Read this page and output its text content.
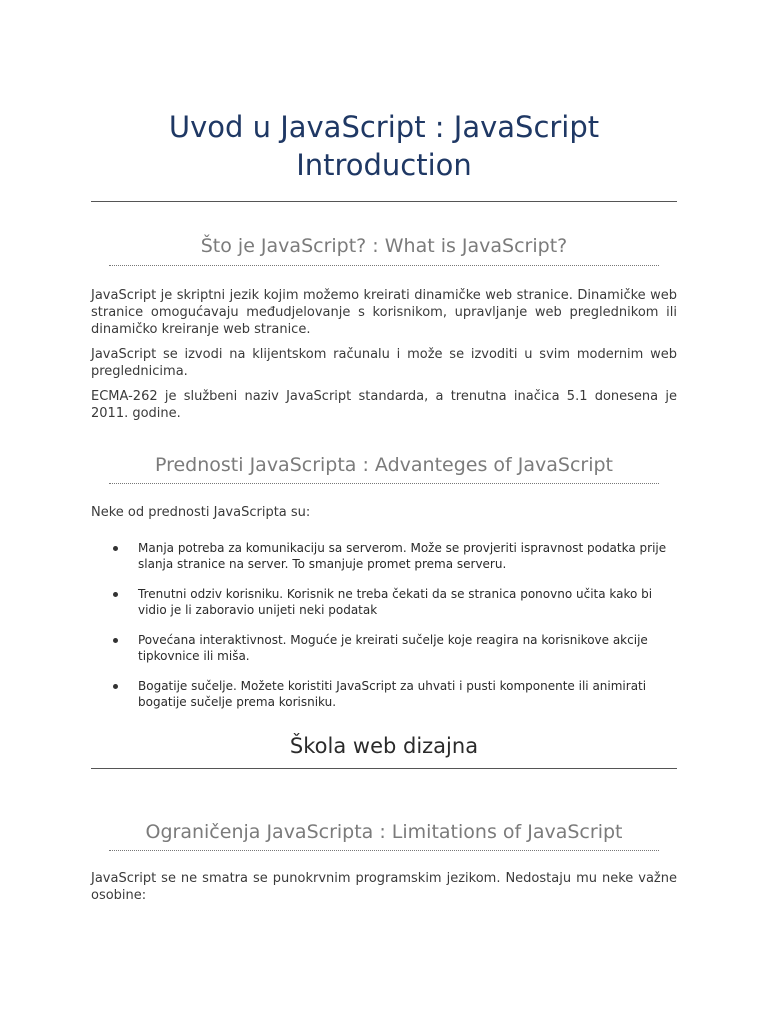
Uvod u JavaScript : JavaScript
Introduction
Što je JavaScript? : What is JavaScript?

JavaScript je skriptni jezik kojim možemo kreirati dinamičke web stranice. Dinamičke web stranice omogućavaju međudjelovanje s korisnikom, upravljanje web preglednikom ili dinamičko kreiranje web stranice.

JavaScript se izvodi na klijentskom računalu i može se izvoditi u svim modernim web preglednicima.

ECMA-262 je službeni naziv JavaScript standarda, a trenutna inačica 5.1 donesena je 2011. godine.

Prednosti JavaScripta : Advanteges of JavaScript

Neke od prednosti JavaScripta su:

Manja potreba za komunikaciju sa serverom. Može se provjeriti ispravnost podatka prije slanja stranice na server. To smanjuje promet prema serveru.
Trenutni odziv korisniku. Korisnik ne treba čekati da se stranica ponovno učita kako bi vidio je li zaboravio unijeti neki podatak
Povećana interaktivnost. Moguće je kreirati sučelje koje reagira na korisnikove akcije tipkovnice ili miša.
Bogatije sučelje. Možete koristiti JavaScript za uhvati i pusti komponente ili animirati bogatije sučelje prema korisniku.
Škola web dizajna
Ograničenja JavaScripta : Limitations of JavaScript

JavaScript se ne smatra se punokrvnim programskim jezikom. Nedostaju mu neke važne osobine:
